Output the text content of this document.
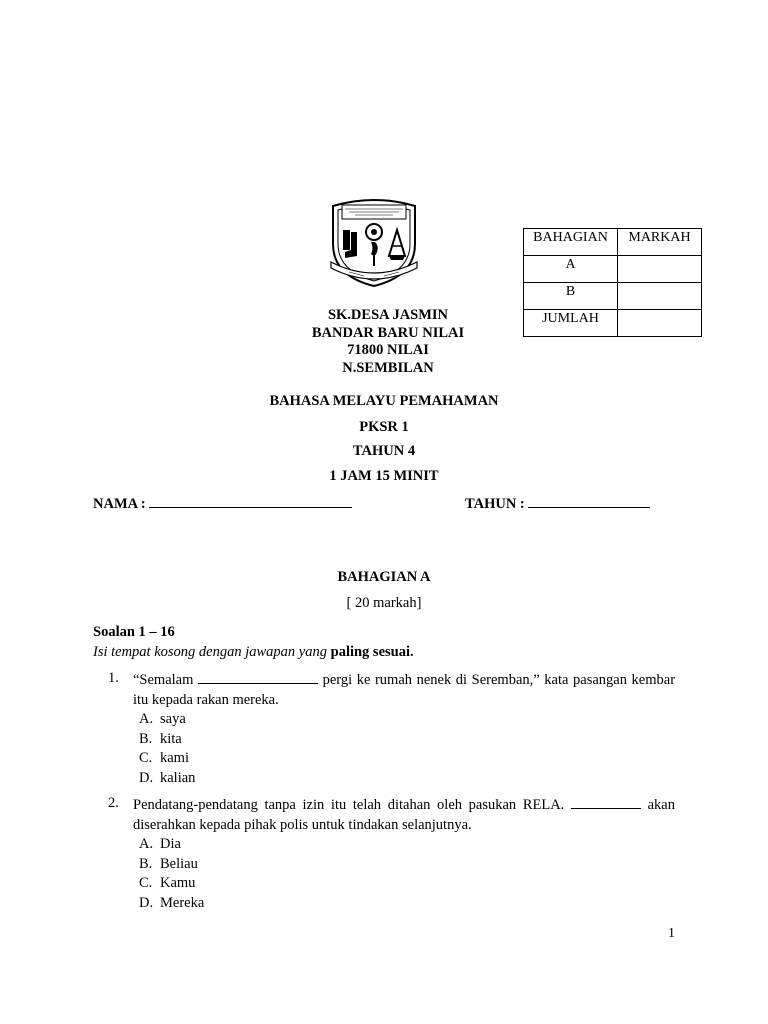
SK.DESA JASMIN
BANDAR BARU NILAI
71800 NILAI
N.SEMBILAN
BAHAGIAN	MARKAH
A	
B	
JUMLAH	
BAHASA MELAYU PEMAHAMAN
PKSR 1
TAHUN 4
1 JAM 15 MINIT
NAMA :	TAHUN :
BAHAGIAN A
[ 20 markah]
Soalan 1 – 16
Isi tempat kosong dengan jawapan yang paling sesuai.
1. “Semalam	pergi ke rumah nenek di Seremban,” kata pasangan kembar itu kepada rakan mereka.
A. saya
B. kita
C. kami
D. kalian
2. Pendatang-pendatang tanpa izin itu telah ditahan oleh pasukan RELA.	akan diserahkan kepada pihak polis untuk tindakan selanjutnya.
A. Dia
B. Beliau
C. Kamu
D. Mereka
1
